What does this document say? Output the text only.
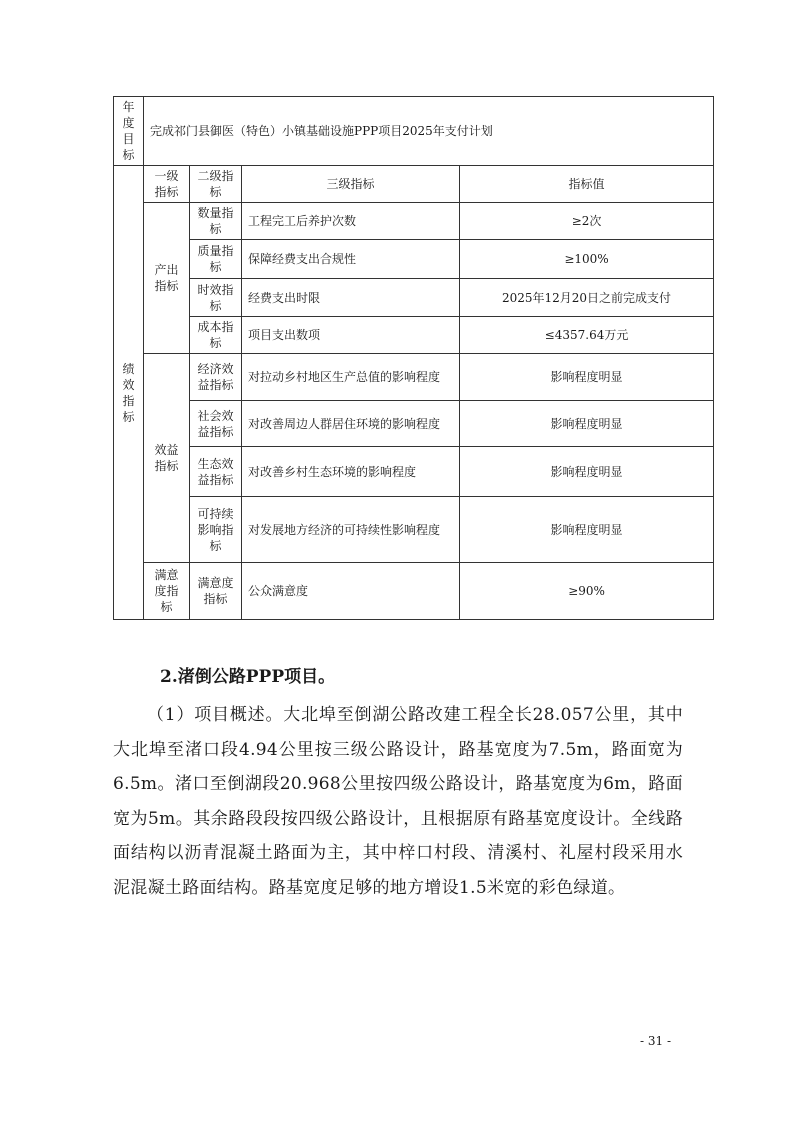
年度目标	完成祁门县御医（特色）小镇基础设施PPP项目2025年支付计划			
绩效指标	一级指标	二级指标	三级指标	指标值
	产出指标	数量指标	工程完工后养护次数	≥2次
		质量指标	保障经费支出合规性	≥100%
		时效指标	经费支出时限	2025年12月20日之前完成支付
		成本指标	项目支出数项	≤4357.64万元
	效益指标	经济效益指标	对拉动乡村地区生产总值的影响程度	影响程度明显
		社会效益指标	对改善周边人群居住环境的影响程度	影响程度明显
		生态效益指标	对改善乡村生态环境的影响程度	影响程度明显
		可持续影响指标	对发展地方经济的可持续性影响程度	影响程度明显
	满意度指标	满意度指标	公众满意度	≥90%
2.渚倒公路PPP项目。

（1）项目概述。大北埠至倒湖公路改建工程全长28.057公里，其中大北埠至渚口段4.94公里按三级公路设计，路基宽度为7.5m，路面宽为6.5m。渚口至倒湖段20.968公里按四级公路设计，路基宽度为6m，路面宽为5m。其余路段段按四级公路设计，且根据原有路基宽度设计。全线路面结构以沥青混凝土路面为主，其中梓口村段、清溪村、礼屋村段采用水泥混凝土路面结构。路基宽度足够的地方增设1.5米宽的彩色绿道。

- 31 -
